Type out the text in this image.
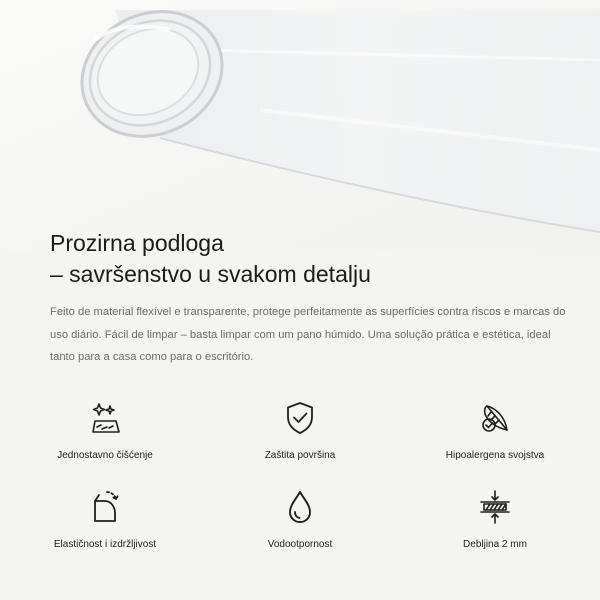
Prozirna podloga
– savršenstvo u svakom detalju

Feito de material flexível e transparente, protege perfeitamente as superfícies contra riscos e marcas do uso diário. Fácil de limpar – basta limpar com um pano húmido. Uma solução prática e estética, ideal tanto para a casa como para o escritório.

Jednostavno čišćenje	Zaštita površina	Hipoalergena svojstva
Elastičnost i izdržljivost	Vodootpornost	Debljina 2 mm
